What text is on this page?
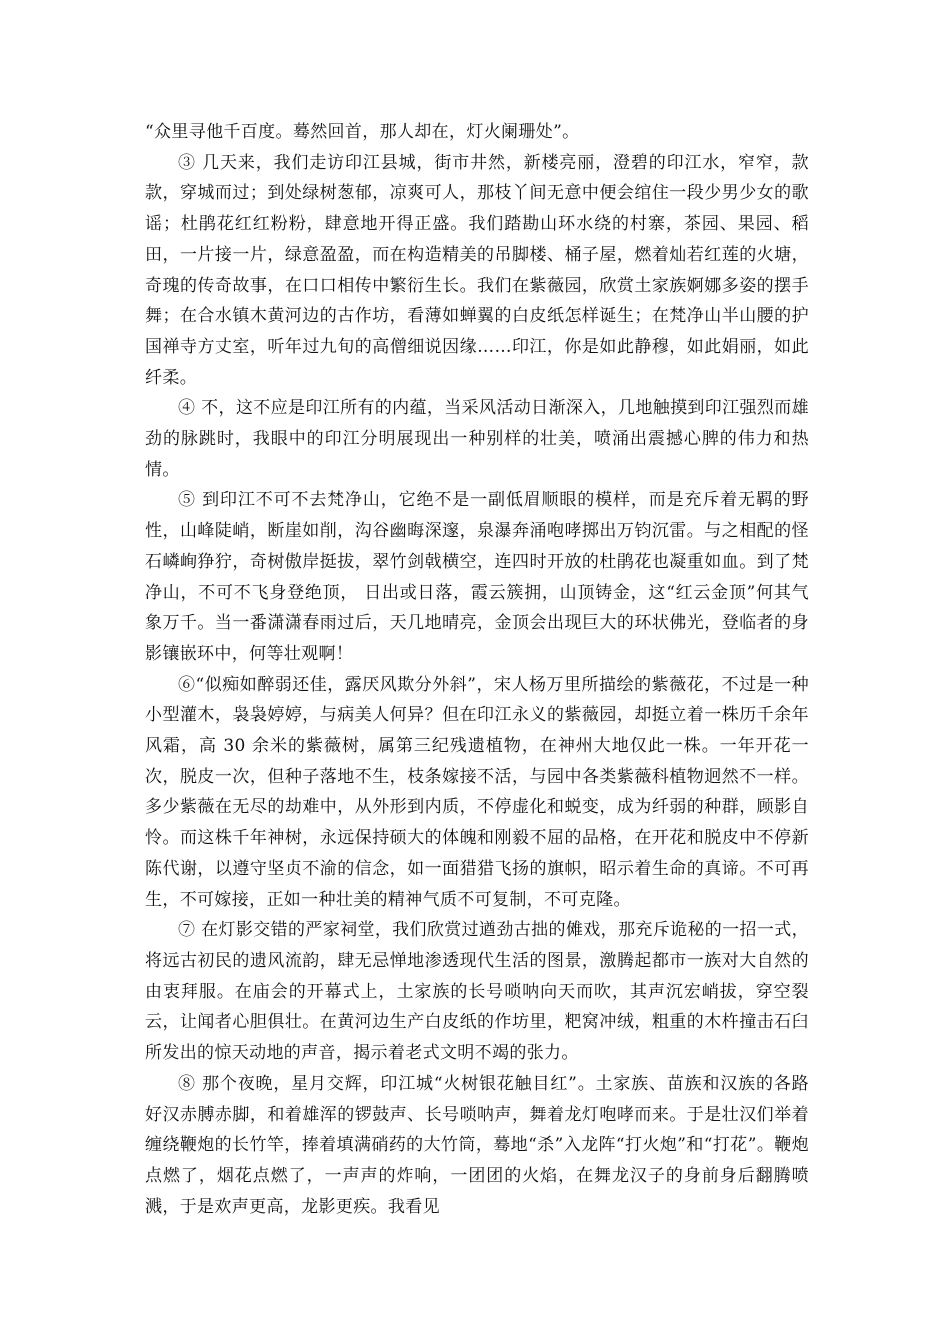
“众里寻他千百度。蓦然回首，那人却在，灯火阑珊处”。

③ 几天来，我们走访印江县城，街市井然，新楼亮丽，澄碧的印江水，窄窄，款款，穿城而过；到处绿树葱郁，凉爽可人，那枝丫间无意中便会绾住一段少男少女的歌谣；杜鹃花红红粉粉，肆意地开得正盛。我们踏勘山环水绕的村寨，茶园、果园、稻田，一片接一片，绿意盈盈，而在构造精美的吊脚楼、桶子屋，燃着灿若红莲的火塘，奇瑰的传奇故事，在口口相传中繁衍生长。我们在紫薇园，欣赏土家族婀娜多姿的摆手舞；在合水镇木黄河边的古作坊，看薄如蝉翼的白皮纸怎样诞生；在梵净山半山腰的护国禅寺方丈室，听年过九旬的高僧细说因缘……印江，你是如此静穆，如此娟丽，如此纤柔。

④ 不，这不应是印江所有的内蕴，当采风活动日渐深入，几地触摸到印江强烈而雄劲的脉跳时，我眼中的印江分明展现出一种别样的壮美，喷涌出震撼心脾的伟力和热情。

⑤ 到印江不可不去梵净山，它绝不是一副低眉顺眼的模样，而是充斥着无羁的野性，山峰陡峭，断崖如削，沟谷幽晦深邃，泉瀑奔涌咆哮掷出万钧沉雷。与之相配的怪石嶙峋狰狞，奇树傲岸挺拔，翠竹剑戟横空，连四时开放的杜鹃花也凝重如血。到了梵净山，不可不飞身登绝顶， 日出或日落，霞云簇拥，山顶铸金，这“红云金顶”何其气象万千。当一番潇潇春雨过后，天几地晴亮，金顶会出现巨大的环状佛光，登临者的身影镶嵌环中，何等壮观啊！

⑥“似痴如醉弱还佳，露厌风欺分外斜”，宋人杨万里所描绘的紫薇花，不过是一种小型灌木，袅袅婷婷，与病美人何异？但在印江永义的紫薇园，却挺立着一株历千余年风霜，高 30 余米的紫薇树，属第三纪残遗植物，在神州大地仅此一株。一年开花一次，脱皮一次，但种子落地不生，枝条嫁接不活，与园中各类紫薇科植物迥然不一样。多少紫薇在无尽的劫难中，从外形到内质，不停虚化和蜕变，成为纤弱的种群，顾影自怜。而这株千年神树，永远保持硕大的体魄和刚毅不屈的品格，在开花和脱皮中不停新陈代谢，以遵守坚贞不渝的信念，如一面猎猎飞扬的旗帜，昭示着生命的真谛。不可再生，不可嫁接，正如一种壮美的精神气质不可复制，不可克隆。

⑦ 在灯影交错的严家祠堂，我们欣赏过遒劲古拙的傩戏，那充斥诡秘的一招一式，将远古初民的遗风流韵，肆无忌惮地渗透现代生活的图景，激腾起都市一族对大自然的由衷拜服。在庙会的开幕式上，土家族的长号唢呐向天而吹，其声沉宏峭拔，穿空裂云，让闻者心胆俱壮。在黄河边生产白皮纸的作坊里，粑窝冲绒，粗重的木杵撞击石臼所发出的惊天动地的声音，揭示着老式文明不竭的张力。

⑧ 那个夜晚，星月交辉，印江城“火树银花触目红”。土家族、苗族和汉族的各路好汉赤膊赤脚，和着雄浑的锣鼓声、长号唢呐声，舞着龙灯咆哮而来。于是壮汉们举着缠绕鞭炮的长竹竿，捧着填满硝药的大竹筒，蓦地“杀”入龙阵“打火炮”和“打花”。鞭炮点燃了，烟花点燃了，一声声的炸响，一团团的火焰，在舞龙汉子的身前身后翻腾喷溅，于是欢声更高，龙影更疾。我看见
